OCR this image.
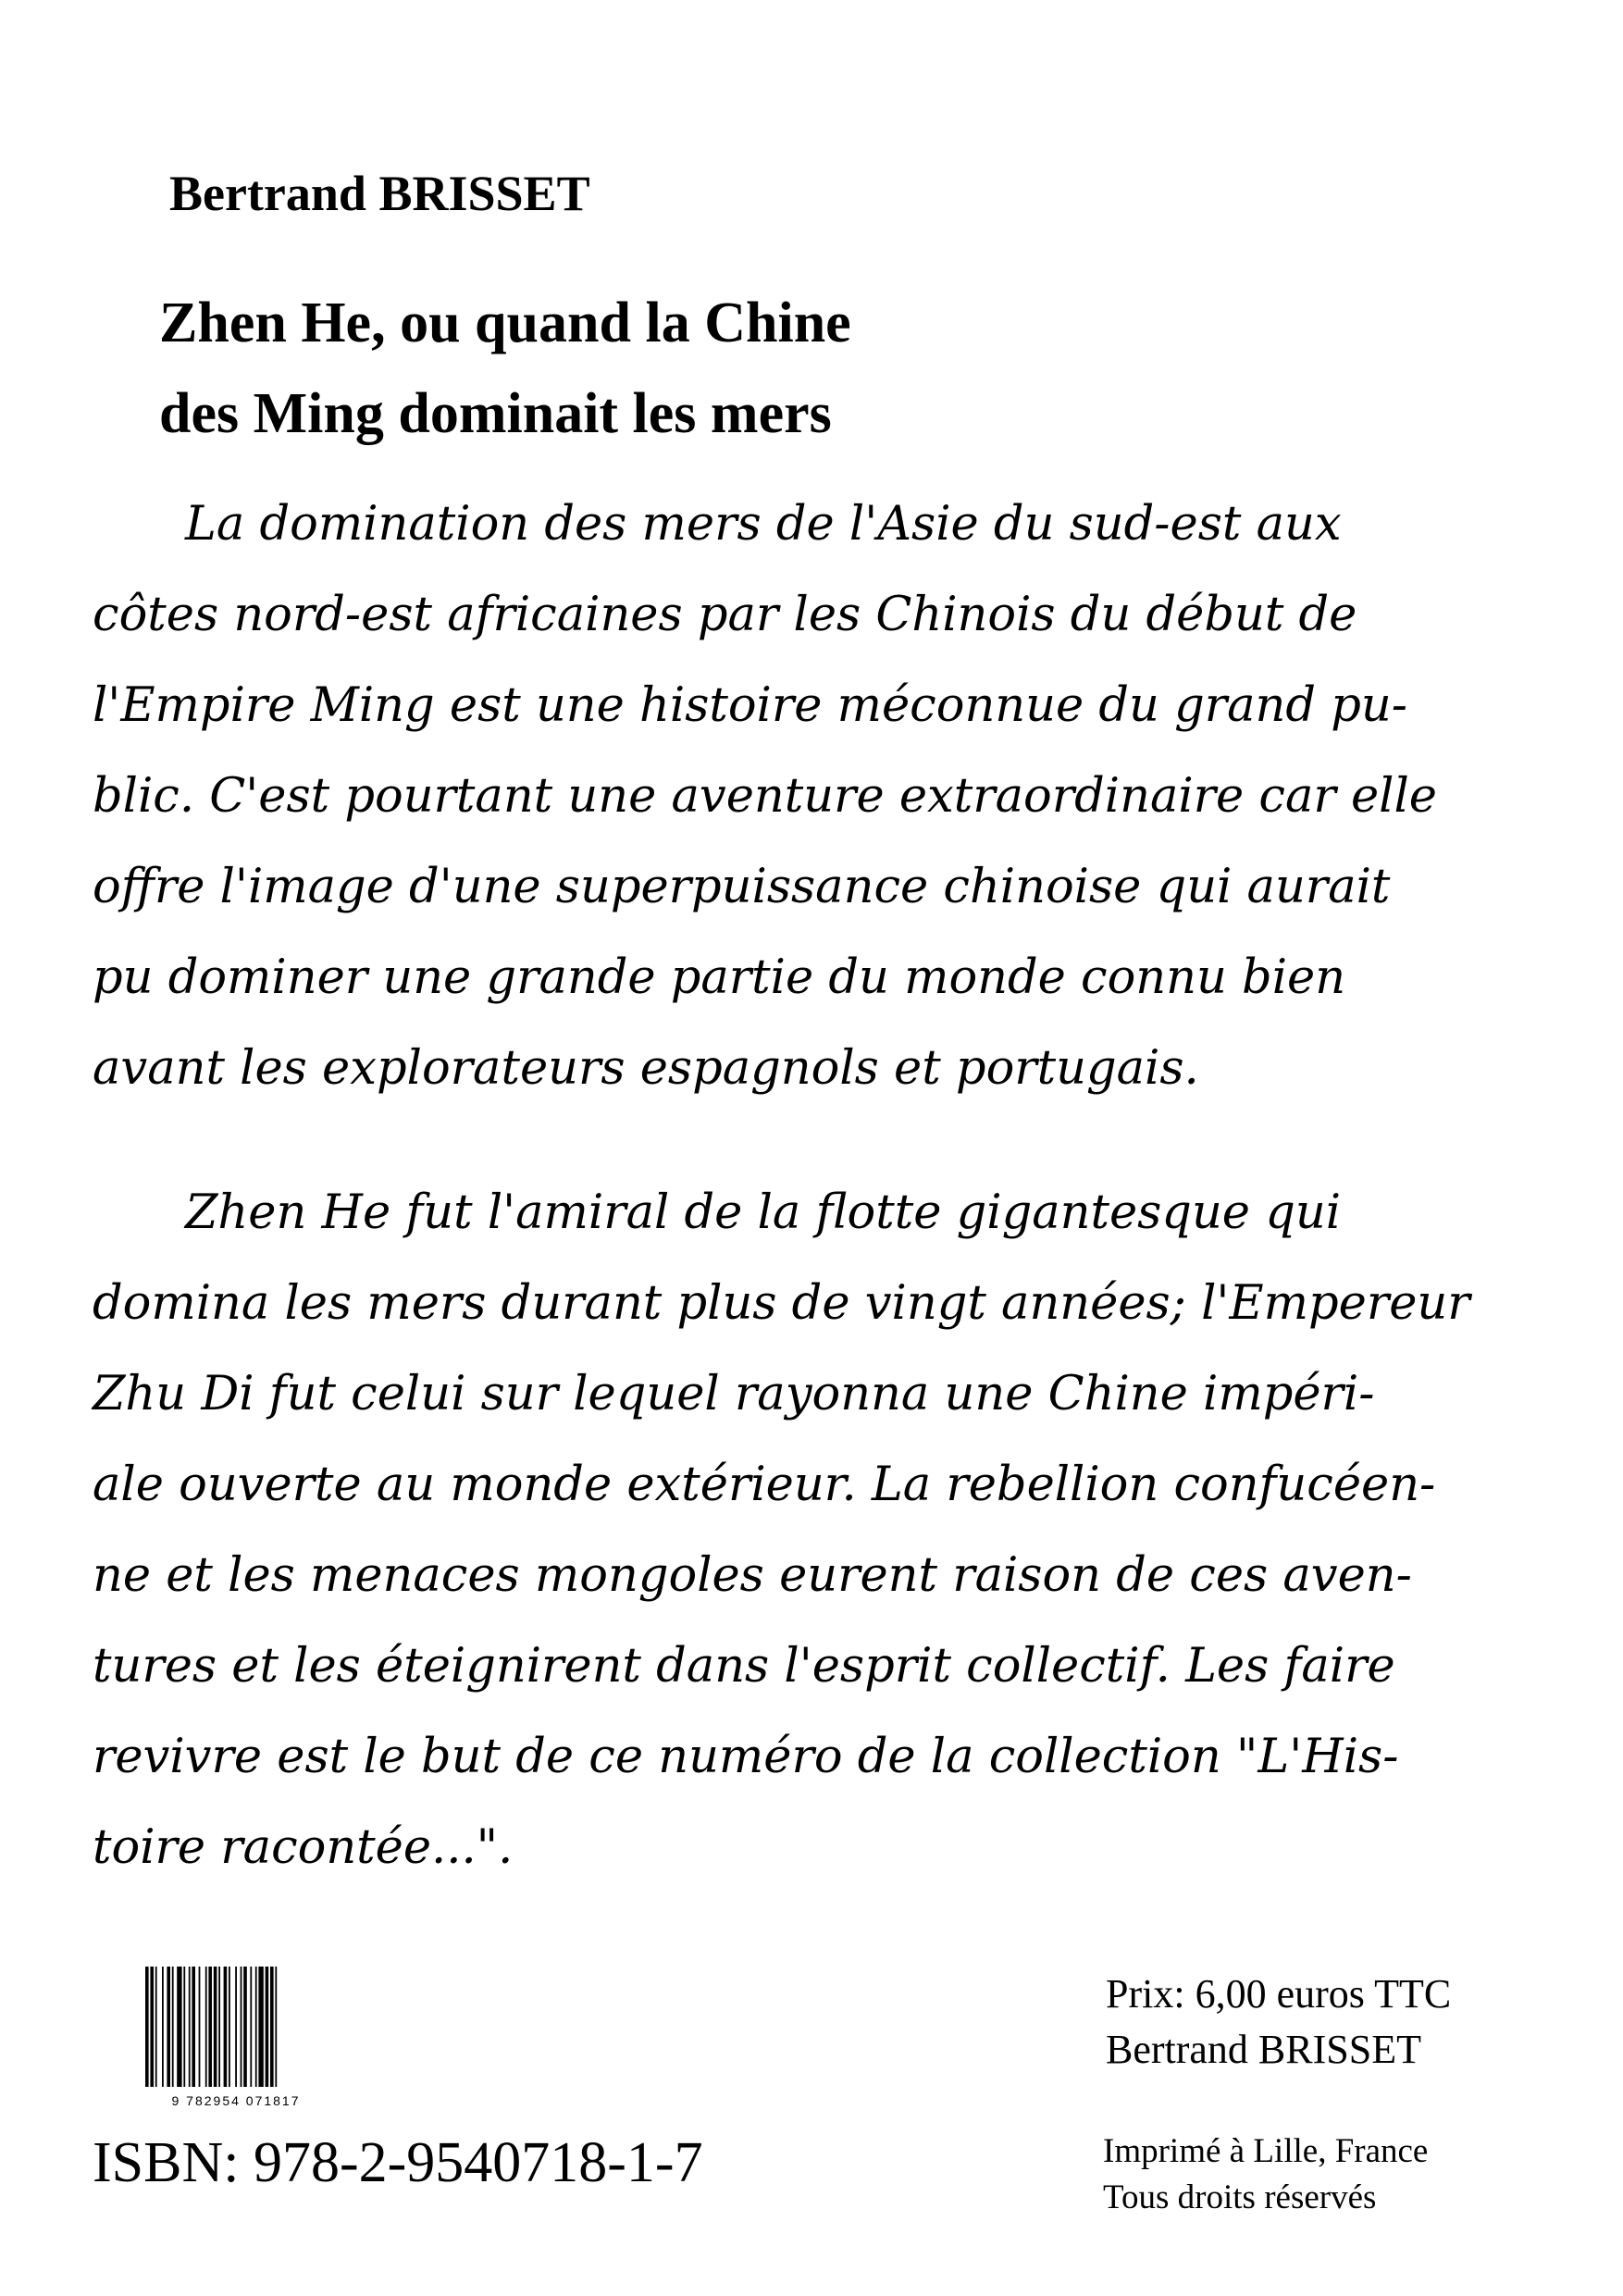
Bertrand BRISSET
Zhen He, ou quand la Chine
des Ming dominait les mers

La domination des mers de l'Asie du sud-est aux
côtes nord-est africaines par les Chinois du début de
l'Empire Ming est une histoire méconnue du grand pu-
blic. C'est pourtant une aventure extraordinaire car elle
offre l'image d'une superpuissance chinoise qui aurait
pu dominer une grande partie du monde connu bien
avant les explorateurs espagnols et portugais.

Zhen He fut l'amiral de la flotte gigantesque qui
domina les mers durant plus de vingt années; l'Empereur
Zhu Di fut celui sur lequel rayonna une Chine impéri-
ale ouverte au monde extérieur. La rebellion confucéen-
ne et les menaces mongoles eurent raison de ces aven-
tures et les éteignirent dans l'esprit collectif. Les faire
revivre est le but de ce numéro de la collection "L'His-
toire racontée...".

9 782954 071817
ISBN: 978-2-9540718-1-7
Prix: 6,00 euros TTC
Bertrand BRISSET
Imprimé à Lille, France
Tous droits réservés
